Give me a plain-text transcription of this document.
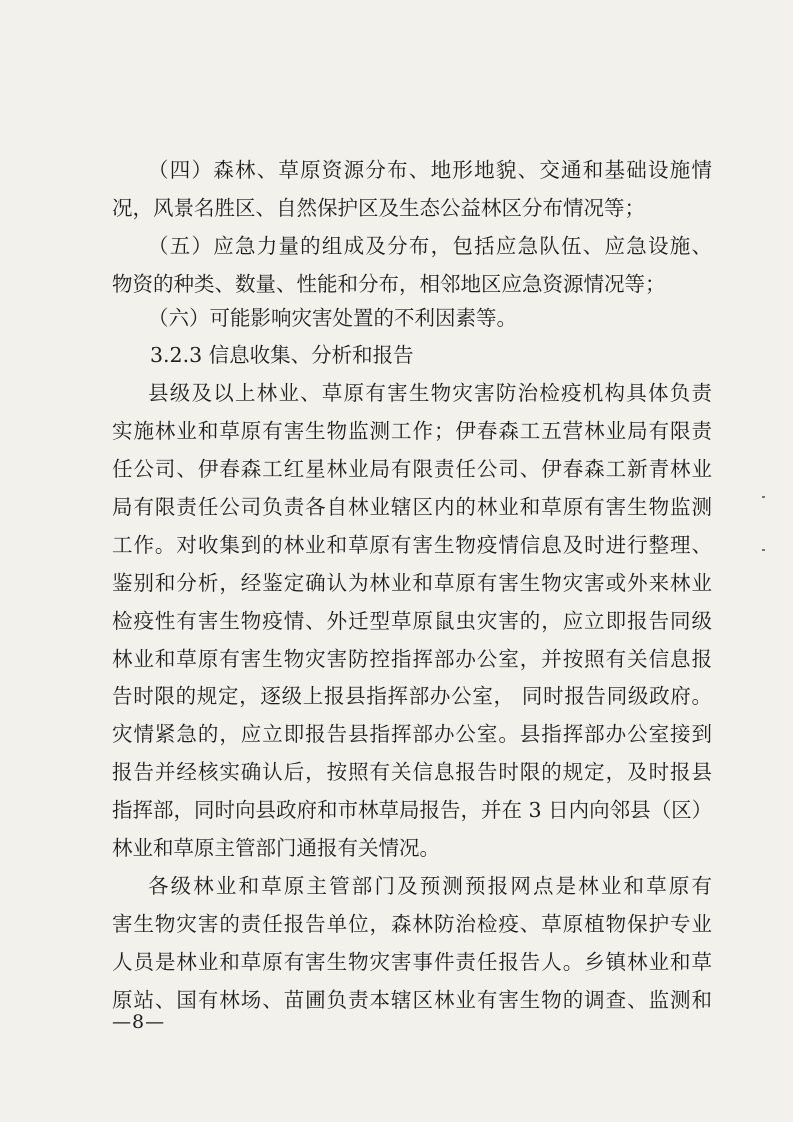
（四）森林、草原资源分布、地形地貌、交通和基础设施情
况，风景名胜区、自然保护区及生态公益林区分布情况等；
（五）应急力量的组成及分布，包括应急队伍、应急设施、
物资的种类、数量、性能和分布，相邻地区应急资源情况等；
（六）可能影响灾害处置的不利因素等。
3.2.3 信息收集、分析和报告
县级及以上林业、草原有害生物灾害防治检疫机构具体负责
实施林业和草原有害生物监测工作；伊春森工五营林业局有限责
任公司、伊春森工红星林业局有限责任公司、伊春森工新青林业
局有限责任公司负责各自林业辖区内的林业和草原有害生物监测
工作。对收集到的林业和草原有害生物疫情信息及时进行整理、
鉴别和分析，经鉴定确认为林业和草原有害生物灾害或外来林业
检疫性有害生物疫情、外迁型草原鼠虫灾害的，应立即报告同级
林业和草原有害生物灾害防控指挥部办公室，并按照有关信息报
告时限的规定，逐级上报县指挥部办公室， 同时报告同级政府。
灾情紧急的，应立即报告县指挥部办公室。县指挥部办公室接到
报告并经核实确认后，按照有关信息报告时限的规定，及时报县
指挥部，同时向县政府和市林草局报告，并在 3 日内向邻县（区）
林业和草原主管部门通报有关情况。
各级林业和草原主管部门及预测预报网点是林业和草原有
害生物灾害的责任报告单位，森林防治检疫、草原植物保护专业
人员是林业和草原有害生物灾害事件责任报告人。乡镇林业和草
原站、国有林场、苗圃负责本辖区林业有害生物的调查、监测和
—8—
